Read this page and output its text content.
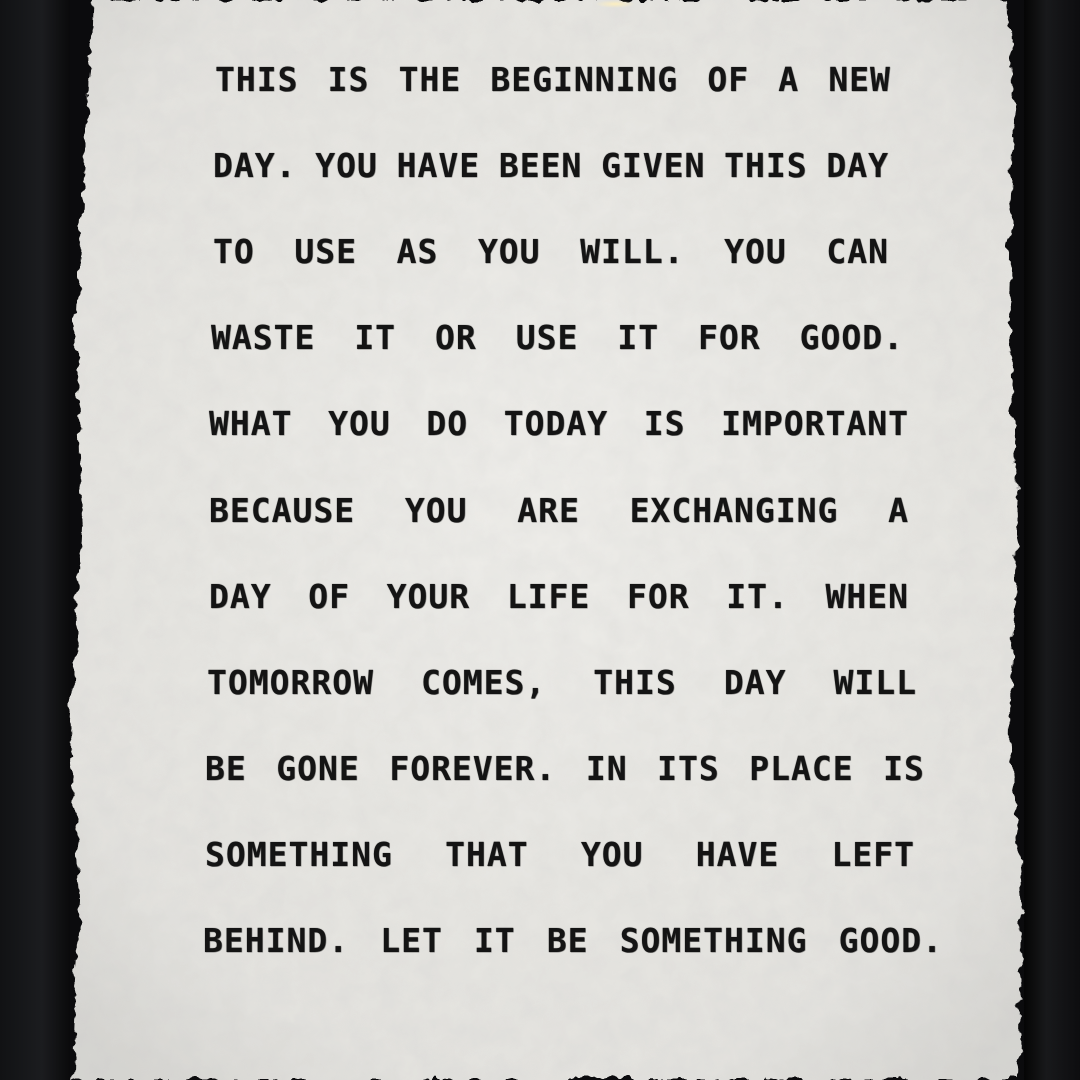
THIS IS THE BEGINNING OF A NEW
DAY. YOU HAVE BEEN GIVEN THIS DAY
TO USE AS YOU WILL. YOU CAN
WASTE IT OR USE IT FOR GOOD.
WHAT YOU DO TODAY IS IMPORTANT
BECAUSE YOU ARE EXCHANGING A
DAY OF YOUR LIFE FOR IT. WHEN
TOMORROW COMES, THIS DAY WILL
BE GONE FOREVER. IN ITS PLACE IS
SOMETHING THAT YOU HAVE LEFT
BEHIND. LET IT BE SOMETHING GOOD.
